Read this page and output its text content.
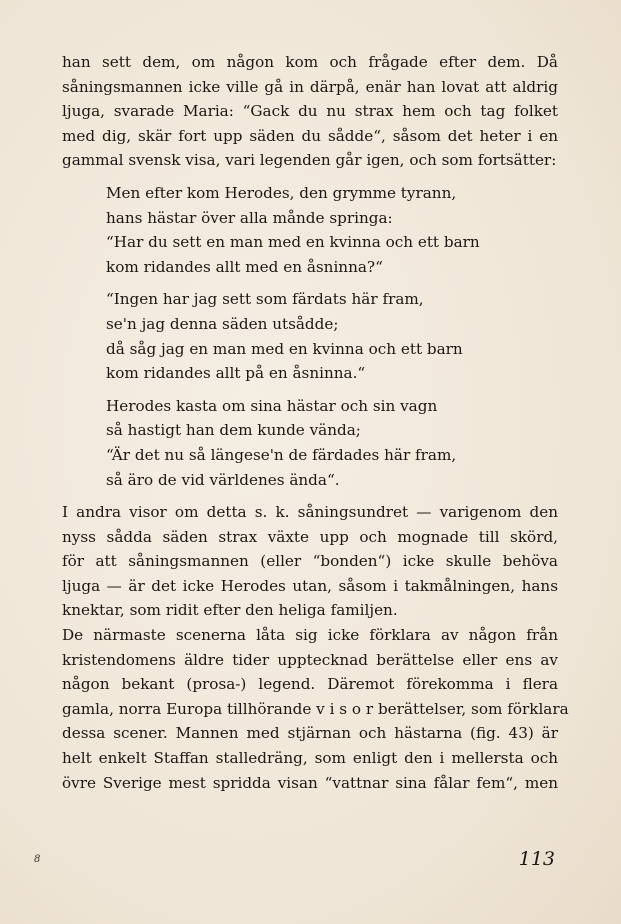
han sett dem, om någon kom och frågade efter dem. Då
såningsmannen icke ville gå in därpå, enär han lovat att aldrig
ljuga, svarade Maria: “Gack du nu strax hem och tag folket
med dig, skär fort upp säden du sådde“, såsom det heter i en
gammal svensk visa, vari legenden går igen, och som fortsätter:
Men efter kom Herodes, den grymme tyrann,
hans hästar över alla månde springa:
“Har du sett en man med en kvinna och ett barn
kom ridandes allt med en åsninna?“
“Ingen har jag sett som färdats här fram,
se'n jag denna säden utsådde;
då såg jag en man med en kvinna och ett barn
kom ridandes allt på en åsninna.“
Herodes kasta om sina hästar och sin vagn
så hastigt han dem kunde vända;
“Är det nu så längese'n de färdades här fram,
så äro de vid världenes ända“.
I andra visor om detta s. k. såningsundret — varigenom den
nyss sådda säden strax växte upp och mognade till skörd,
för att såningsmannen (eller “bonden“) icke skulle behöva
ljuga — är det icke Herodes utan, såsom i takmålningen, hans
knektar, som ridit efter den heliga familjen.
De närmaste scenerna låta sig icke förklara av någon från
kristendomens äldre tider upptecknad berättelse eller ens av
någon bekant (prosa-) legend. Däremot förekomma i flera
gamla, norra Europa tillhörande v i s o r berättelser, som förklara
dessa scener. Mannen med stjärnan och hästarna (fig. 43) är
helt enkelt Staffan stalledräng, som enligt den i mellersta och
övre Sverige mest spridda visan “vattnar sina fålar fem“, men
8	113
